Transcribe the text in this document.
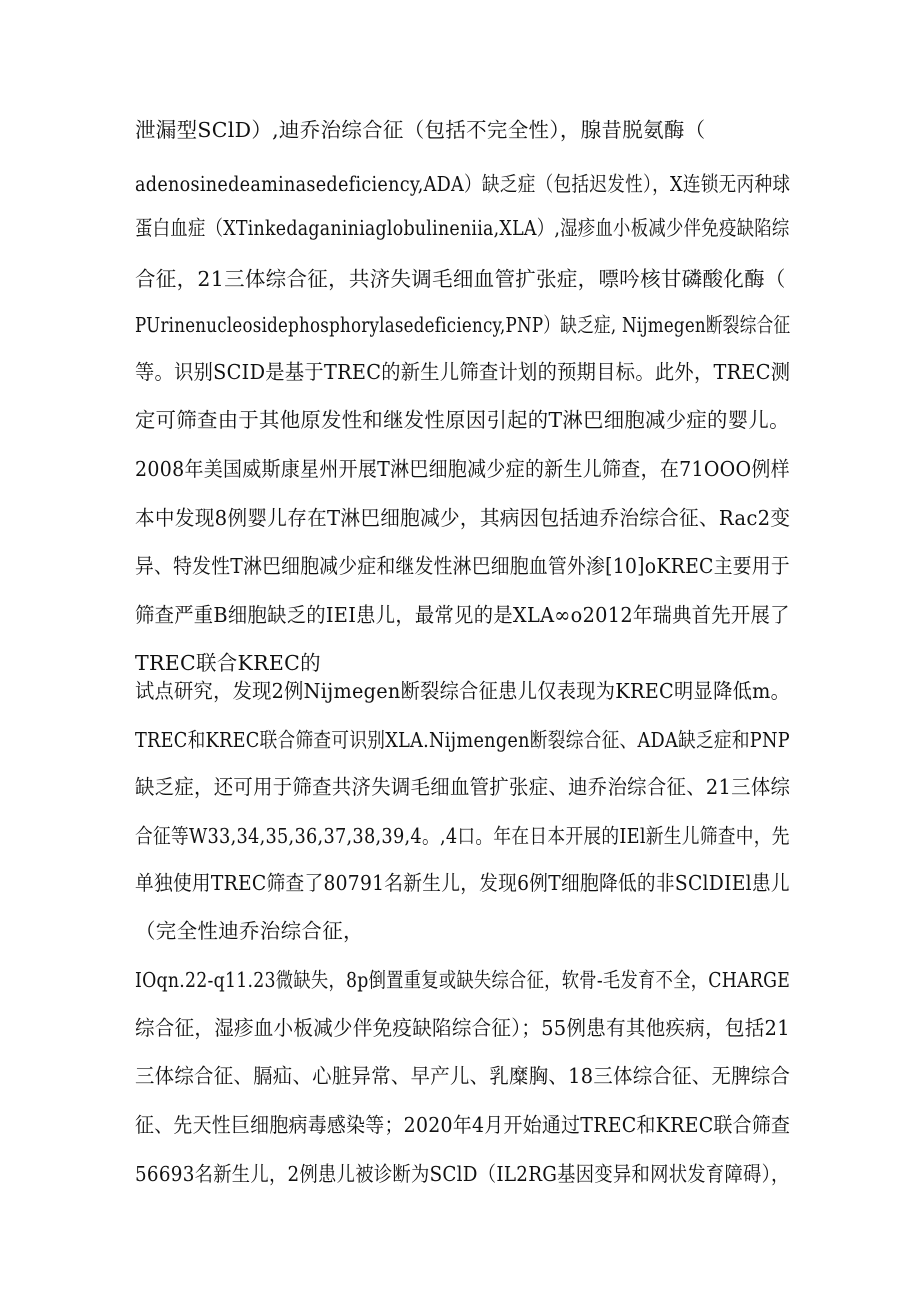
泄漏型SClD）,迪乔治综合征（包括不完全性），腺昔脱氨酶（

adenosinedeaminasedeficiency,ADA）缺乏症（包括迟发性），X连锁无丙种球

蛋白血症（XTinkedaganiniaglobulineniia,XLA）,湿疹血小板减少伴免疫缺陷综

合征，21三体综合征，共济失调毛细血管扩张症，嘌吟核甘磷酸化酶（

PUrinenucleosidephosphorylasedeficiency,PNP）缺乏症, Nijmegen断裂综合征

等。识别SCID是基于TREC的新生儿筛查计划的预期目标。此外，TREC测

定可筛查由于其他原发性和继发性原因引起的T淋巴细胞减少症的婴儿。

2008年美国威斯康星州开展T淋巴细胞减少症的新生儿筛查，在71OOO例样

本中发现8例婴儿存在T淋巴细胞减少，其病因包括迪乔治综合征、Rac2变

异、特发性T淋巴细胞减少症和继发性淋巴细胞血管外渗[10]oKREC主要用于

筛查严重B细胞缺乏的IEI患儿，最常见的是XLA∞o2012年瑞典首先开展了

TREC联合KREC的

试点研究，发现2例Nijmegen断裂综合征患儿仅表现为KREC明显降低m。

TREC和KREC联合筛查可识别XLA.Nijmengen断裂综合征、ADA缺乏症和PNP

缺乏症，还可用于筛查共济失调毛细血管扩张症、迪乔治综合征、21三体综

合征等W33,34,35,36,37,38,39,4。,4口。年在日本开展的IEl新生儿筛查中，先

单独使用TREC筛查了80791名新生儿，发现6例T细胞降低的非SClDIEl患儿

（完全性迪乔治综合征，

IOqn.22-q11.23微缺失，8p倒置重复或缺失综合征，软骨-毛发育不全，CHARGE

综合征，湿疹血小板减少伴免疫缺陷综合征）；55例患有其他疾病，包括21

三体综合征、膈疝、心脏异常、早产儿、乳糜胸、18三体综合征、无脾综合

征、先天性巨细胞病毒感染等；2020年4月开始通过TREC和KREC联合筛查

56693名新生儿，2例患儿被诊断为SClD（IL2RG基因变异和网状发育障碍），
